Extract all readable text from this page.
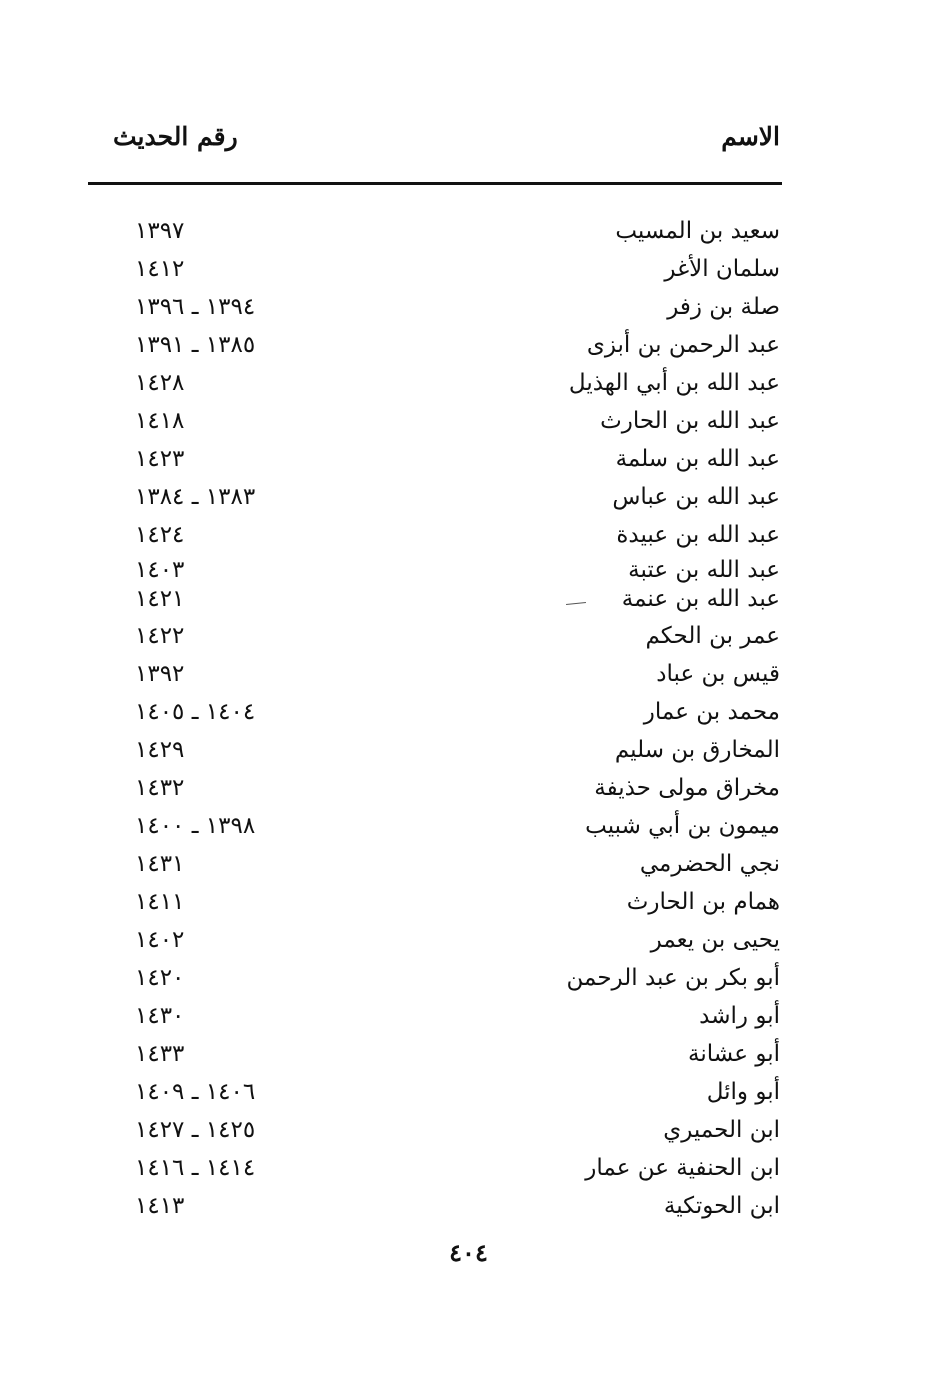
الاسم
رقم الحديث
سعيد بن المسيب
١٣٩٧
سلمان الأغر
١٤١٢
صلة بن زفر
١٣٩٤ ـ ١٣٩٦
عبد الرحمن بن أبزى
١٣٨٥ ـ ١٣٩١
عبد الله بن أبي الهذيل
١٤٢٨
عبد الله بن الحارث
١٤١٨
عبد الله بن سلمة
١٤٢٣
عبد الله بن عباس
١٣٨٣ ـ ١٣٨٤
عبد الله بن عبيدة
١٤٢٤
عبد الله بن عتبة
١٤٠٣
عبد الله بن عنمة
١٤٢١
عمر بن الحكم
١٤٢٢
قيس بن عباد
١٣٩٢
محمد بن عمار
١٤٠٤ ـ ١٤٠٥
المخارق بن سليم
١٤٢٩
مخراق مولى حذيفة
١٤٣٢
ميمون بن أبي شبيب
١٣٩٨ ـ ١٤٠٠
نجي الحضرمي
١٤٣١
همام بن الحارث
١٤١١
يحيى بن يعمر
١٤٠٢
أبو بكر بن عبد الرحمن
١٤٢٠
أبو راشد
١٤٣٠
أبو عشانة
١٤٣٣
أبو وائل
١٤٠٦ ـ ١٤٠٩
ابن الحميري
١٤٢٥ ـ ١٤٢٧
ابن الحنفية عن عمار
١٤١٤ ـ ١٤١٦
ابن الحوتكية
١٤١٣
٤٠٤
